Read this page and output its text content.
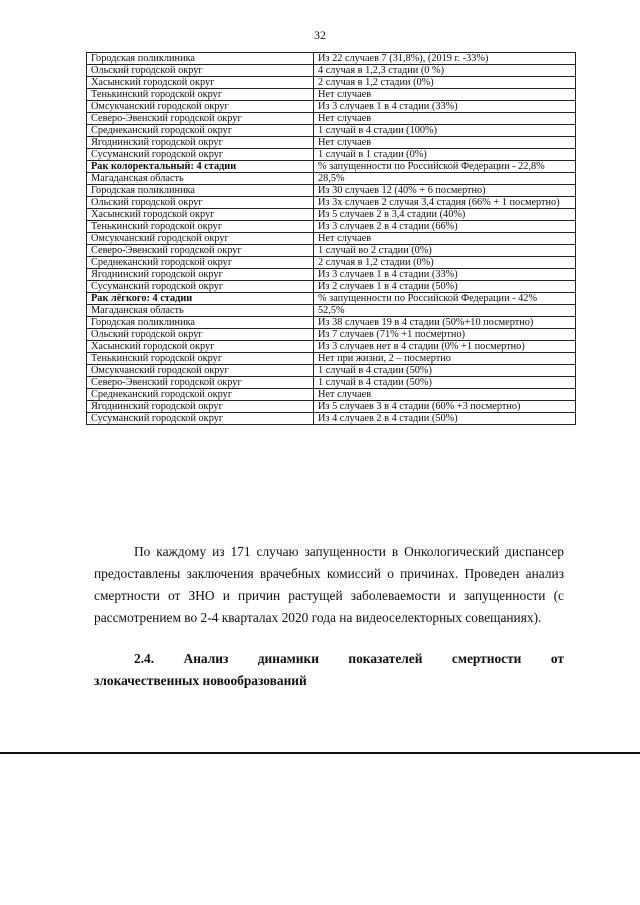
32
Городская поликлиника	Из 22 случаев 7 (31,8%), (2019 г. -33%)
Ольский городской округ	4 случая в 1,2,3 стадии (0 %)
Хасынский городской округ	2 случая в 1,2 стадии (0%)
Тенькинский городской округ	Нет случаев
Омсукчанский городской округ	Из 3 случаев 1 в 4 стадии (33%)
Северо-Эвенский городской округ	Нет случаев
Среднеканский городской округ	1 случай в 4 стадии (100%)
Ягоднинский городской округ	Нет случаев
Сусуманский городской округ	1 случай в 1 стадии (0%)
Рак колоректальный: 4 стадии	% запущенности по Российской Федерации - 22,8%
Магаданская область	28,5%
Городская поликлиника	Из 30 случаев 12 (40% + 6 посмертно)
Ольский городской округ	Из 3х случаев 2 случая 3,4 стадия (66% + 1 посмертно)
Хасынский городской округ	Из 5 случаев 2 в 3,4 стадии (40%)
Тенькинский городской округ	Из 3 случаев 2 в 4 стадии (66%)
Омсукчанский городской округ	Нет случаев
Северо-Эвенский городской округ	1 случай во 2 стадии (0%)
Среднеканский городской округ	2 случая в 1,2 стадии (0%)
Ягоднинский городской округ	Из 3 случаев 1 в 4 стадии (33%)
Сусуманский городской округ	Из 2 случаев 1 в 4 стадии (50%)
Рак лёгкого: 4 стадии	% запущенности по Российской Федерации - 42%
Магаданская область	52,5%
Городская поликлиника	Из 38 случаев 19 в 4 стадии (50%+10 посмертно)
Ольский городской округ	Из 7 случаев (71% +1 посмертно)
Хасынский городской округ	Из 3 случаев нет в 4 стадии (0% +1 посмертно)
Тенькинский городской округ	Нет при жизни, 2 – посмертно
Омсукчанский городской округ	1 случай в 4 стадии (50%)
Северо-Эвенский городской округ	1 случай в 4 стадии (50%)
Среднеканский городской округ	Нет случаев
Ягоднинский городской округ	Из 5 случаев 3 в 4 стадии (60% +3 посмертно)
Сусуманский городской округ	Из 4 случаев 2 в 4 стадии (50%)
По каждому из 171 случаю запущенности в Онкологический диспансер предоставлены заключения врачебных комиссий о причинах. Проведен анализ смертности от ЗНО и причин растущей заболеваемости и запущенности (с рассмотрением во 2-4 кварталах 2020 года на видеоселекторных совещаниях).
2.4. Анализ динамики показателей смертности от
злокачественных новообразований
